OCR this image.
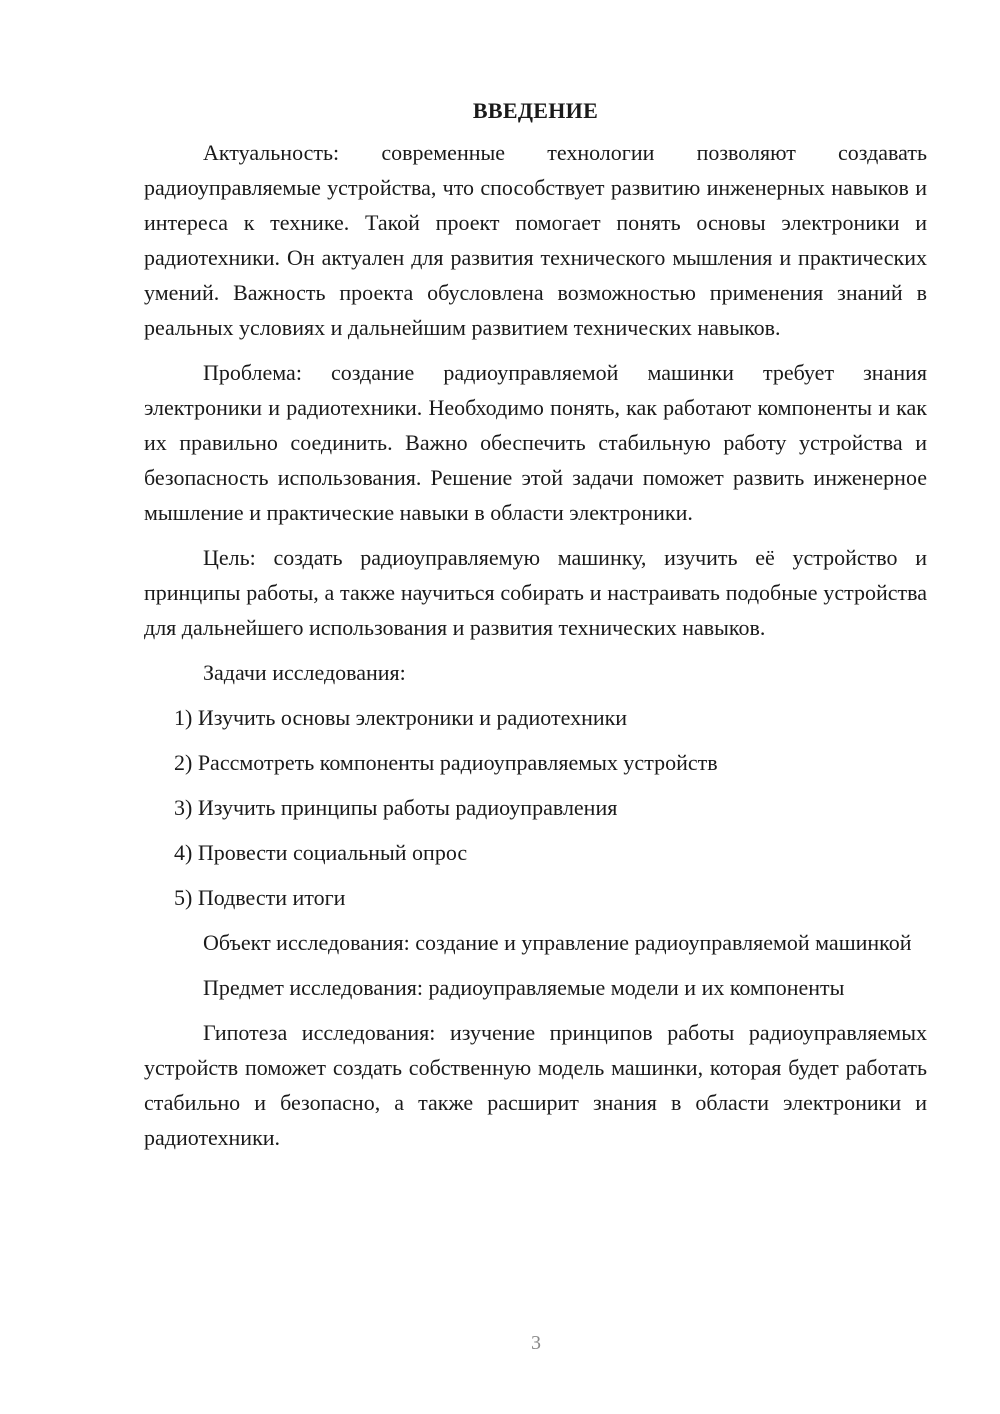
ВВЕДЕНИЕ

Актуальность: современные технологии позволяют создавать радиоуправляемые устройства, что способствует развитию инженерных навыков и интереса к технике. Такой проект помогает понять основы электроники и радиотехники. Он актуален для развития технического мышления и практических умений. Важность проекта обусловлена возможностью применения знаний в реальных условиях и дальнейшим развитием технических навыков.

Проблема: создание радиоуправляемой машинки требует знания электроники и радиотехники. Необходимо понять, как работают компоненты и как их правильно соединить. Важно обеспечить стабильную работу устройства и безопасность использования. Решение этой задачи поможет развить инженерное мышление и практические навыки в области электроники.

Цель: создать радиоуправляемую машинку, изучить её устройство и принципы работы, а также научиться собирать и настраивать подобные устройства для дальнейшего использования и развития технических навыков.

Задачи исследования:

1) Изучить основы электроники и радиотехники
2) Рассмотреть компоненты радиоуправляемых устройств
3) Изучить принципы работы радиоуправления
4) Провести социальный опрос
5) Подвести итоги

Объект исследования: создание и управление радиоуправляемой машинкой

Предмет исследования: радиоуправляемые модели и их компоненты

Гипотеза исследования: изучение принципов работы радиоуправляемых устройств поможет создать собственную модель машинки, которая будет работать стабильно и безопасно, а также расширит знания в области электроники и радиотехники.

3
